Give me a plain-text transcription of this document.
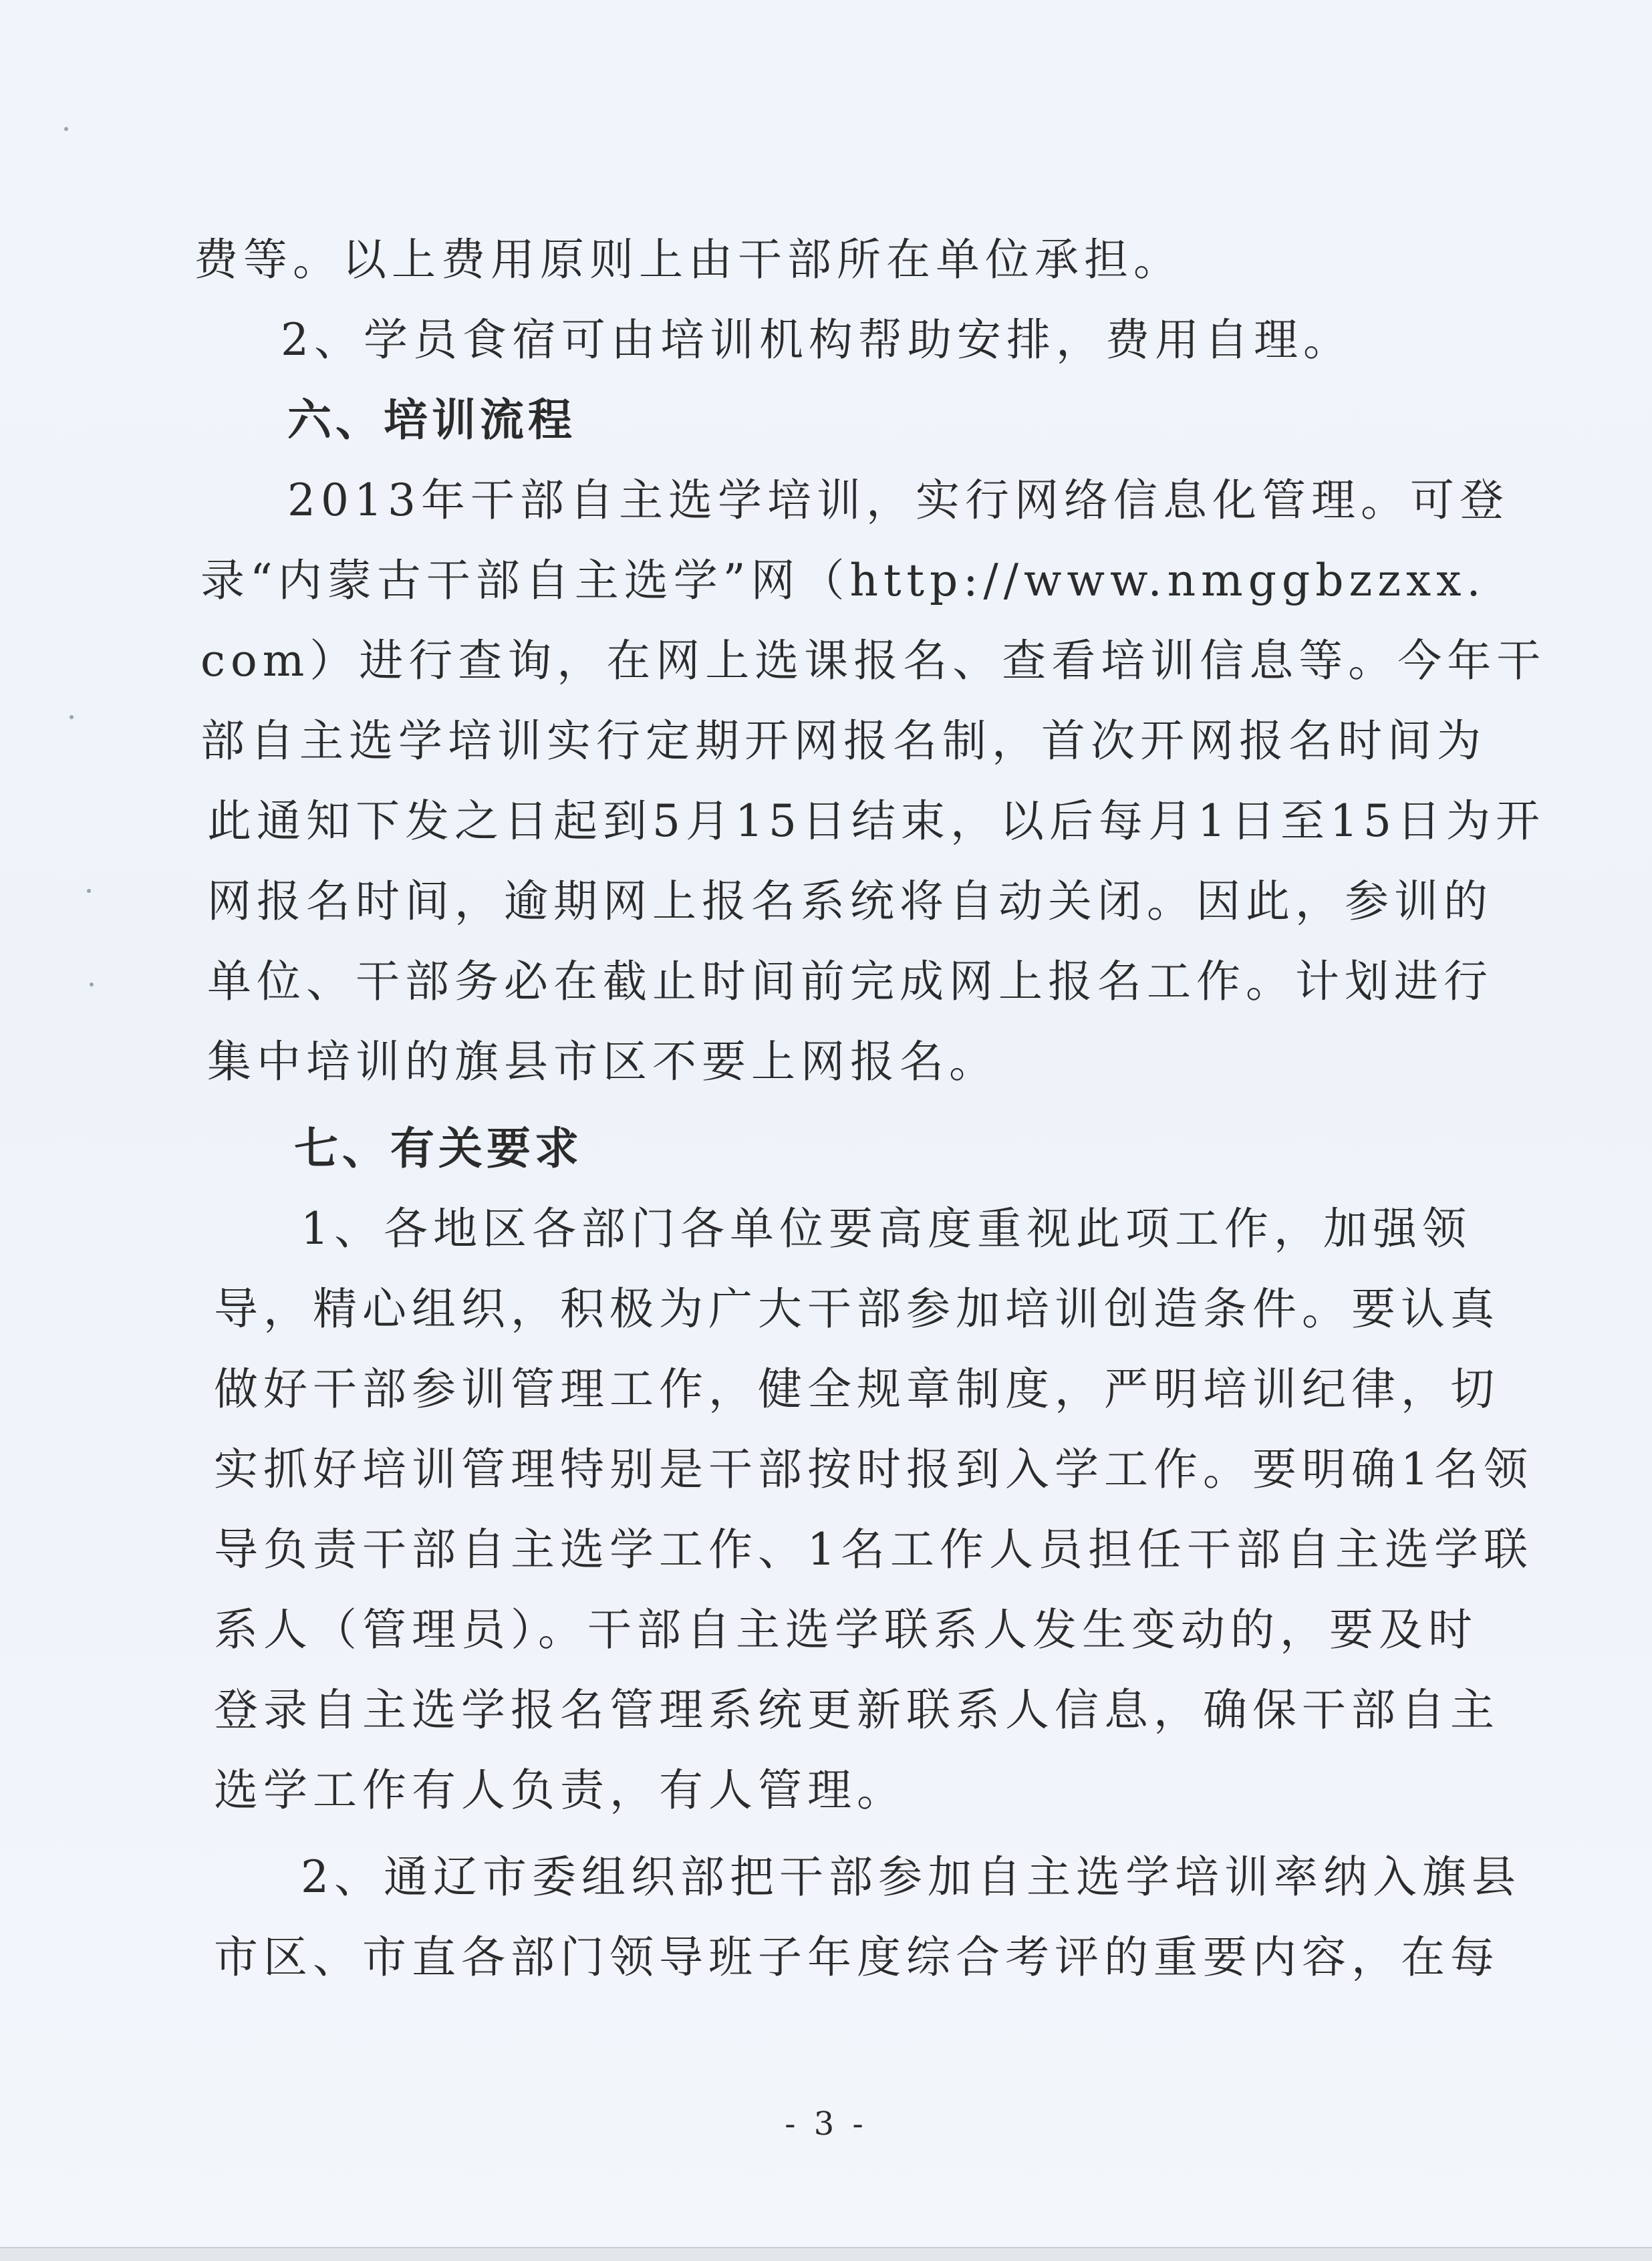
费等。以上费用原则上由干部所在单位承担。
2、学员食宿可由培训机构帮助安排，费用自理。
六、培训流程
2013年干部自主选学培训，实行网络信息化管理。可登
录“内蒙古干部自主选学”网（http://www.nmggbzzxx.
com）进行查询，在网上选课报名、查看培训信息等。今年干
部自主选学培训实行定期开网报名制，首次开网报名时间为
此通知下发之日起到5月15日结束，以后每月1日至15日为开
网报名时间，逾期网上报名系统将自动关闭。因此，参训的
单位、干部务必在截止时间前完成网上报名工作。计划进行
集中培训的旗县市区不要上网报名。
七、有关要求
1、各地区各部门各单位要高度重视此项工作，加强领
导，精心组织，积极为广大干部参加培训创造条件。要认真
做好干部参训管理工作，健全规章制度，严明培训纪律，切
实抓好培训管理特别是干部按时报到入学工作。要明确1名领
导负责干部自主选学工作、1名工作人员担任干部自主选学联
系人（管理员）。干部自主选学联系人发生变动的，要及时
登录自主选学报名管理系统更新联系人信息，确保干部自主
选学工作有人负责，有人管理。
2、通辽市委组织部把干部参加自主选学培训率纳入旗县
市区、市直各部门领导班子年度综合考评的重要内容，在每
- 3 -
